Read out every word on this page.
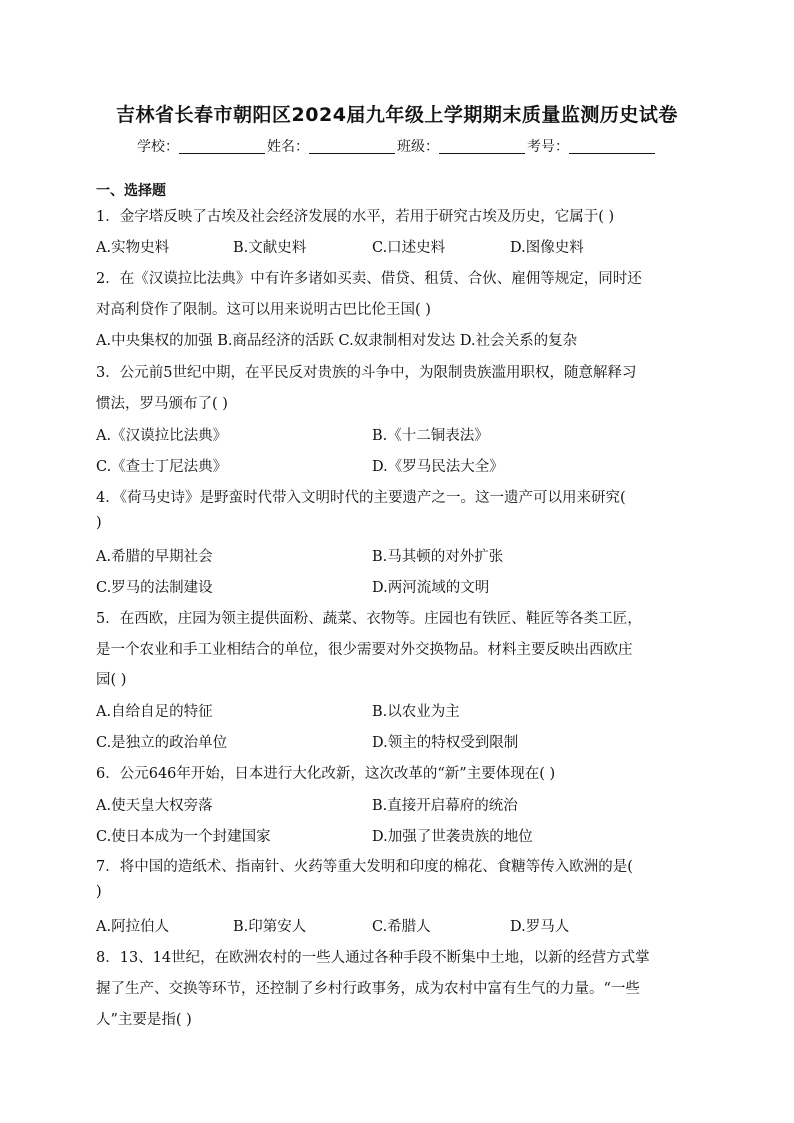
吉林省长春市朝阳区2024届九年级上学期期末质量监测历史试卷
学校：	姓名：	班级：	考号：
一、选择题
1．金字塔反映了古埃及社会经济发展的水平，若用于研究古埃及历史，它属于( )
A.实物史料	B.文献史料	C.口述史料	D.图像史料
2．在《汉谟拉比法典》中有许多诸如买卖、借贷、租赁、合伙、雇佣等规定，同时还
对高利贷作了限制。这可以用来说明古巴比伦王国( )
A.中央集权的加强 B.商品经济的活跃 C.奴隶制相对发达 D.社会关系的复杂
3．公元前5世纪中期，在平民反对贵族的斗争中，为限制贵族滥用职权，随意解释习
惯法，罗马颁布了( )
A.《汉谟拉比法典》	B.《十二铜表法》
C.《查士丁尼法典》	D.《罗马民法大全》
4．《荷马史诗》是野蛮时代带入文明时代的主要遗产之一。这一遗产可以用来研究(
)
A.希腊的早期社会	B.马其顿的对外扩张
C.罗马的法制建设	D.两河流域的文明
5．在西欧，庄园为领主提供面粉、蔬菜、衣物等。庄园也有铁匠、鞋匠等各类工匠，
是一个农业和手工业相结合的单位，很少需要对外交换物品。材料主要反映出西欧庄
园( )
A.自给自足的特征	B.以农业为主
C.是独立的政治单位	D.领主的特权受到限制
6．公元646年开始，日本进行大化改新，这次改革的“新”主要体现在( )
A.使天皇大权旁落	B.直接开启幕府的统治
C.使日本成为一个封建国家	D.加强了世袭贵族的地位
7．将中国的造纸术、指南针、火药等重大发明和印度的棉花、食糖等传入欧洲的是(
)
A.阿拉伯人	B.印第安人	C.希腊人	D.罗马人
8．13、14世纪，在欧洲农村的一些人通过各种手段不断集中土地，以新的经营方式掌
握了生产、交换等环节，还控制了乡村行政事务，成为农村中富有生气的力量。“一些
人”主要是指( )
